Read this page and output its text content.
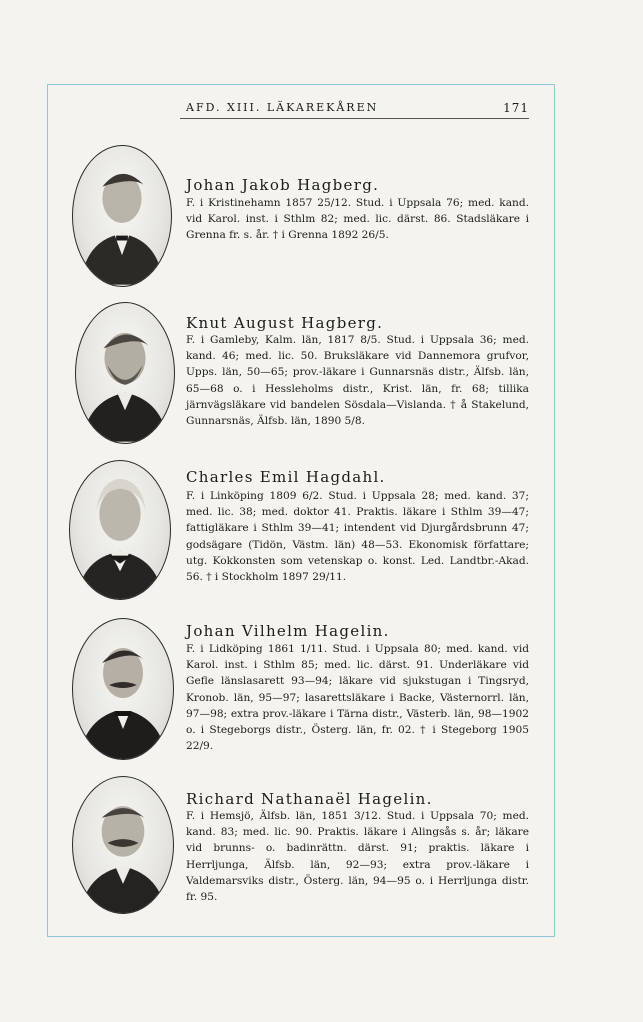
AFD. XIII. LÄKAREKÅREN	171
Johan Jakob Hagberg.

F. i Kristinehamn 1857 25/12. Stud. i Uppsala 76; med. kand. vid Karol. inst. i Sthlm 82; med. lic. därst. 86. Stadsläkare i Grenna fr. s. år. † i Grenna 1892 26/5.

Knut August Hagberg.

F. i Gamleby, Kalm. län, 1817 8/5. Stud. i Uppsala 36; med. kand. 46; med. lic. 50. Bruksläkare vid Dannemora grufvor, Upps. län, 50—65; prov.-läkare i Gunnarsnäs distr., Älfsb. län, 65—68 o. i Hessleholms distr., Krist. län, fr. 68; tillika järnvägsläkare vid bandelen Sösdala—Vislanda. † å Stakelund, Gunnarsnäs, Älfsb. län, 1890 5/8.

Charles Emil Hagdahl.

F. i Linköping 1809 6/2. Stud. i Uppsala 28; med. kand. 37; med. lic. 38; med. doktor 41. Praktis. läkare i Sthlm 39—47; fattigläkare i Sthlm 39—41; intendent vid Djurgårdsbrunn 47; godsägare (Tidön, Västm. län) 48—53. Ekonomisk författare; utg. Kokkonsten som vetenskap o. konst. Led. Landtbr.-Akad. 56. † i Stockholm 1897 29/11.

Johan Vilhelm Hagelin.

F. i Lidköping 1861 1/11. Stud. i Uppsala 80; med. kand. vid Karol. inst. i Sthlm 85; med. lic. därst. 91. Underläkare vid Gefle länslasarett 93—94; läkare vid sjukstugan i Tingsryd, Kronob. län, 95—97; lasarettsläkare i Backe, Västernorrl. län, 97—98; extra prov.-läkare i Tärna distr., Västerb. län, 98—1902 o. i Stegeborgs distr., Österg. län, fr. 02. † i Stegeborg 1905 22/9.

Richard Nathanaël Hagelin.

F. i Hemsjö, Älfsb. län, 1851 3/12. Stud. i Uppsala 70; med. kand. 83; med. lic. 90. Praktis. läkare i Alingsås s. år; läkare vid brunns- o. badinrättn. därst. 91; praktis. läkare i Herrljunga, Älfsb. län, 92—93; extra prov.-läkare i Valdemarsviks distr., Österg. län, 94—95 o. i Herrljunga distr. fr. 95.
